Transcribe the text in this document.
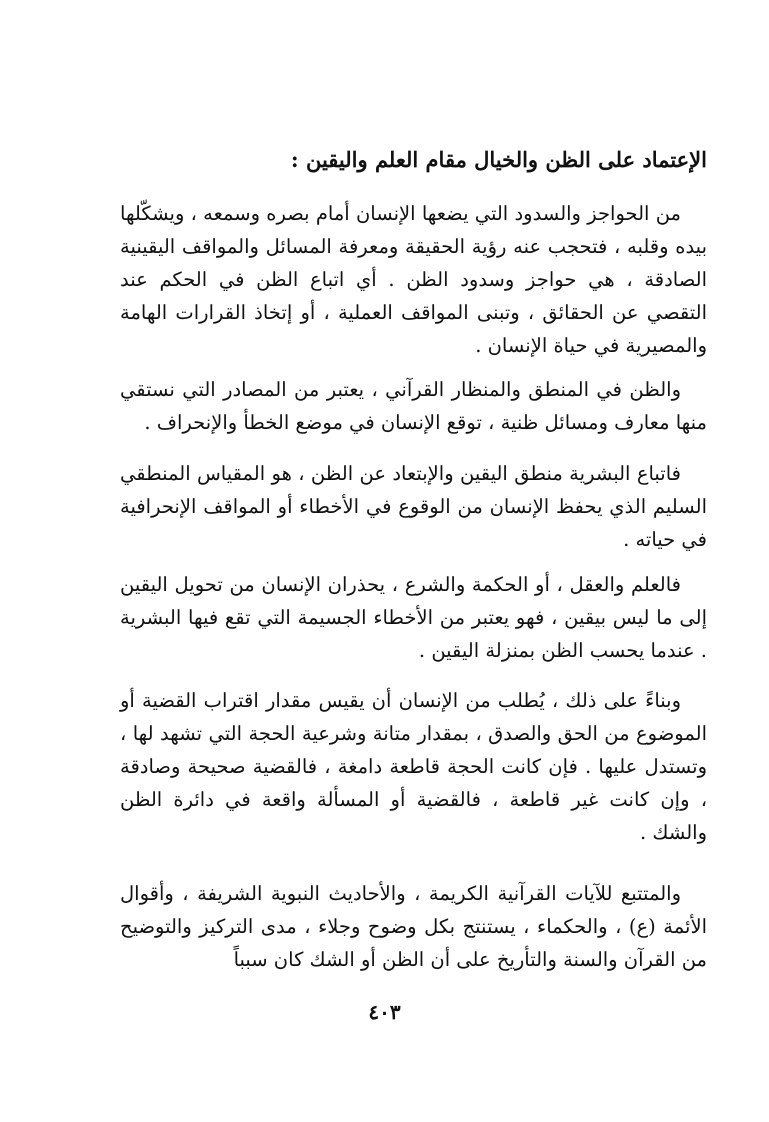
الإعتماد على الظن والخيال مقام العلم واليقين :

من الحواجز والسدود التي يضعها الإنسان أمام بصره وسمعه ، ويشكّلها بيده وقلبه ، فتحجب عنه رؤية الحقيقة ومعرفة المسائل والمواقف اليقينية الصادقة ، هي حواجز وسدود الظن . أي اتباع الظن في الحكم عند التقصي عن الحقائق ، وتبنى المواقف العملية ، أو إتخاذ القرارات الهامة والمصيرية في حياة الإنسان .

والظن في المنطق والمنظار القرآني ، يعتبر من المصادر التي نستقي منها معارف ومسائل ظنية ، توقع الإنسان في موضع الخطأ والإنحراف .

فاتباع البشرية منطق اليقين والإبتعاد عن الظن ، هو المقياس المنطقي السليم الذي يحفظ الإنسان من الوقوع في الأخطاء أو المواقف الإنحرافية في حياته .

فالعلم والعقل ، أو الحكمة والشرع ، يحذران الإنسان من تحويل اليقين إلى ما ليس بيقين ، فهو يعتبر من الأخطاء الجسيمة التي تقع فيها البشرية . عندما يحسب الظن بمنزلة اليقين .

وبناءً على ذلك ، يُطلب من الإنسان أن يقيس مقدار اقتراب القضية أو الموضوع من الحق والصدق ، بمقدار متانة وشرعية الحجة التي تشهد لها ، وتستدل عليها . فإن كانت الحجة قاطعة دامغة ، فالقضية صحيحة وصادقة ، وإن كانت غير قاطعة ، فالقضية أو المسألة واقعة في دائرة الظن والشك .

والمتتبع للآيات القرآنية الكريمة ، والأحاديث النبوية الشريفة ، وأقوال الأئمة (ع) ، والحكماء ، يستنتج بكل وضوح وجلاء ، مدى التركيز والتوضيح من القرآن والسنة والتأريخ على أن الظن أو الشك كان سبباً

٤٠٣
